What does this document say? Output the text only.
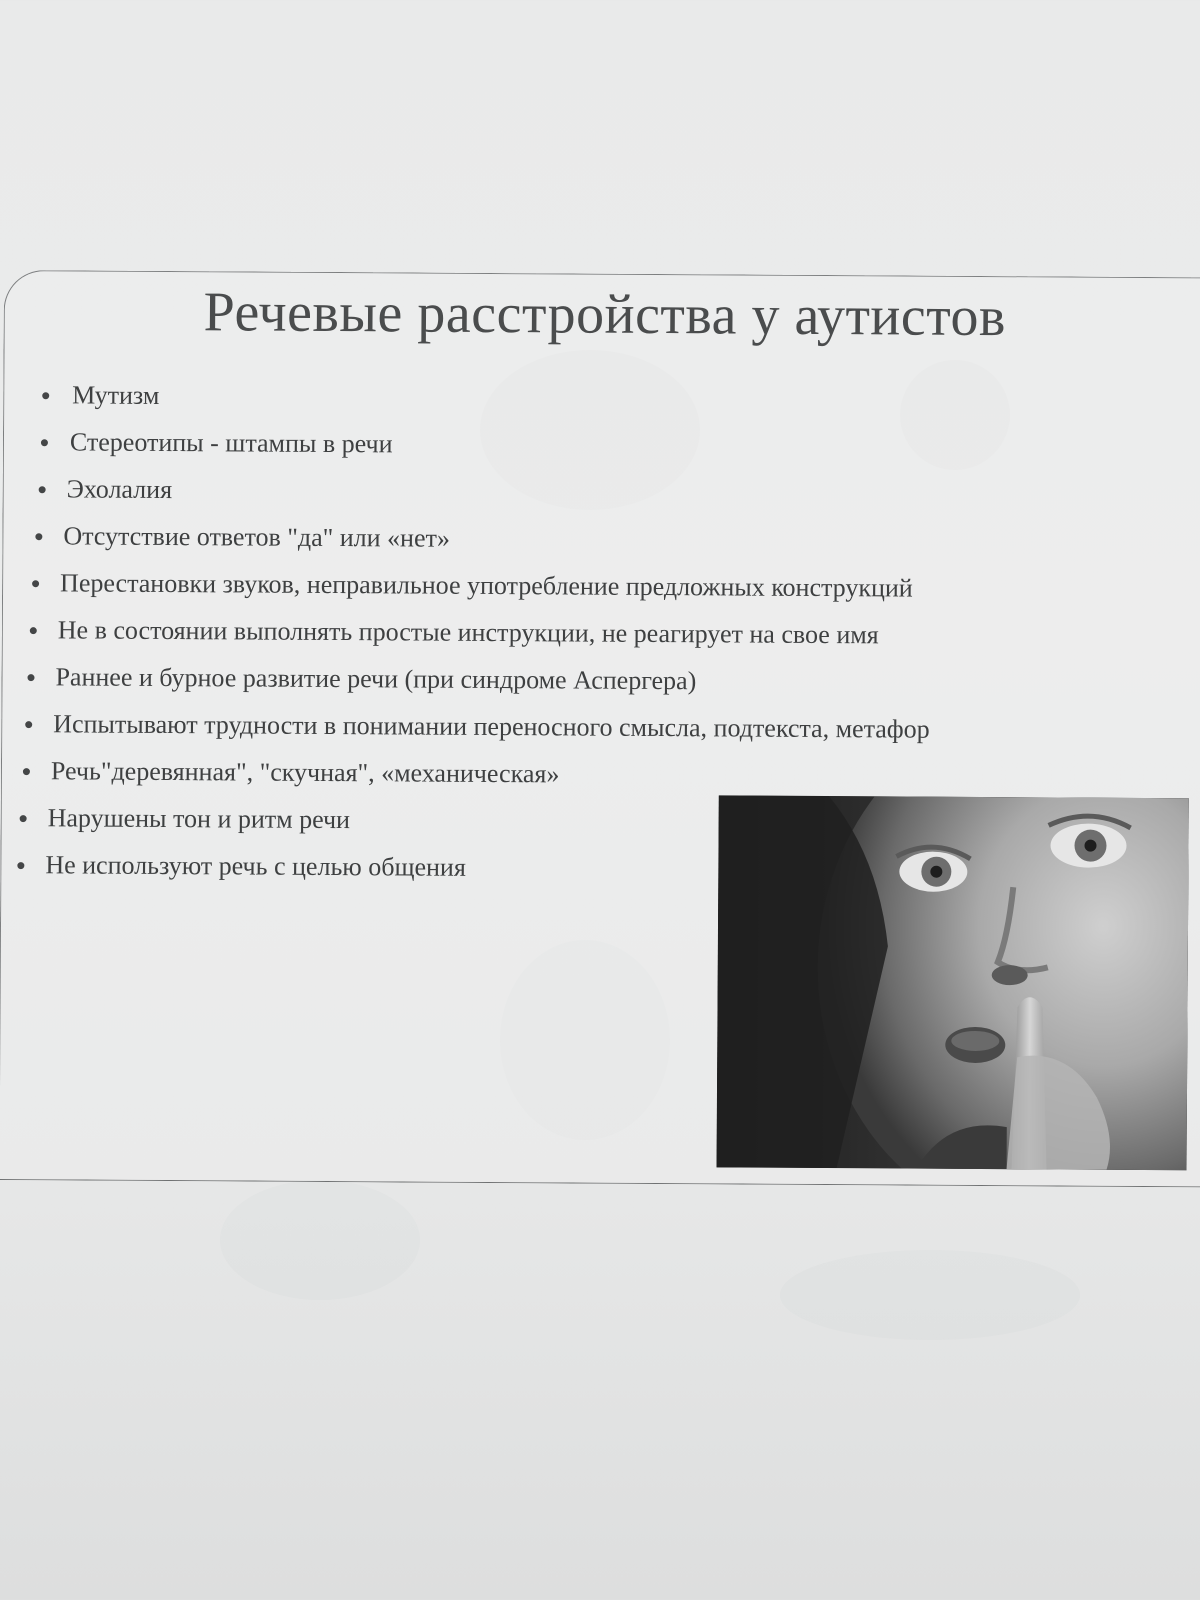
Речевые расстройства у аутистов
Мутизм
Стереотипы - штампы в речи
Эхолалия
Отсутствие ответов "да" или «нет»
Перестановки звуков, неправильное употребление предложных конструкций
Не в состоянии выполнять простые инструкции, не реагирует на свое имя
Раннее и бурное развитие речи (при синдроме Аспергера)
Испытывают трудности в понимании переносного смысла, подтекста, метафор
Речь"деревянная", "скучная", «механическая»
Нарушены тон и ритм речи
Не используют речь с целью общения
